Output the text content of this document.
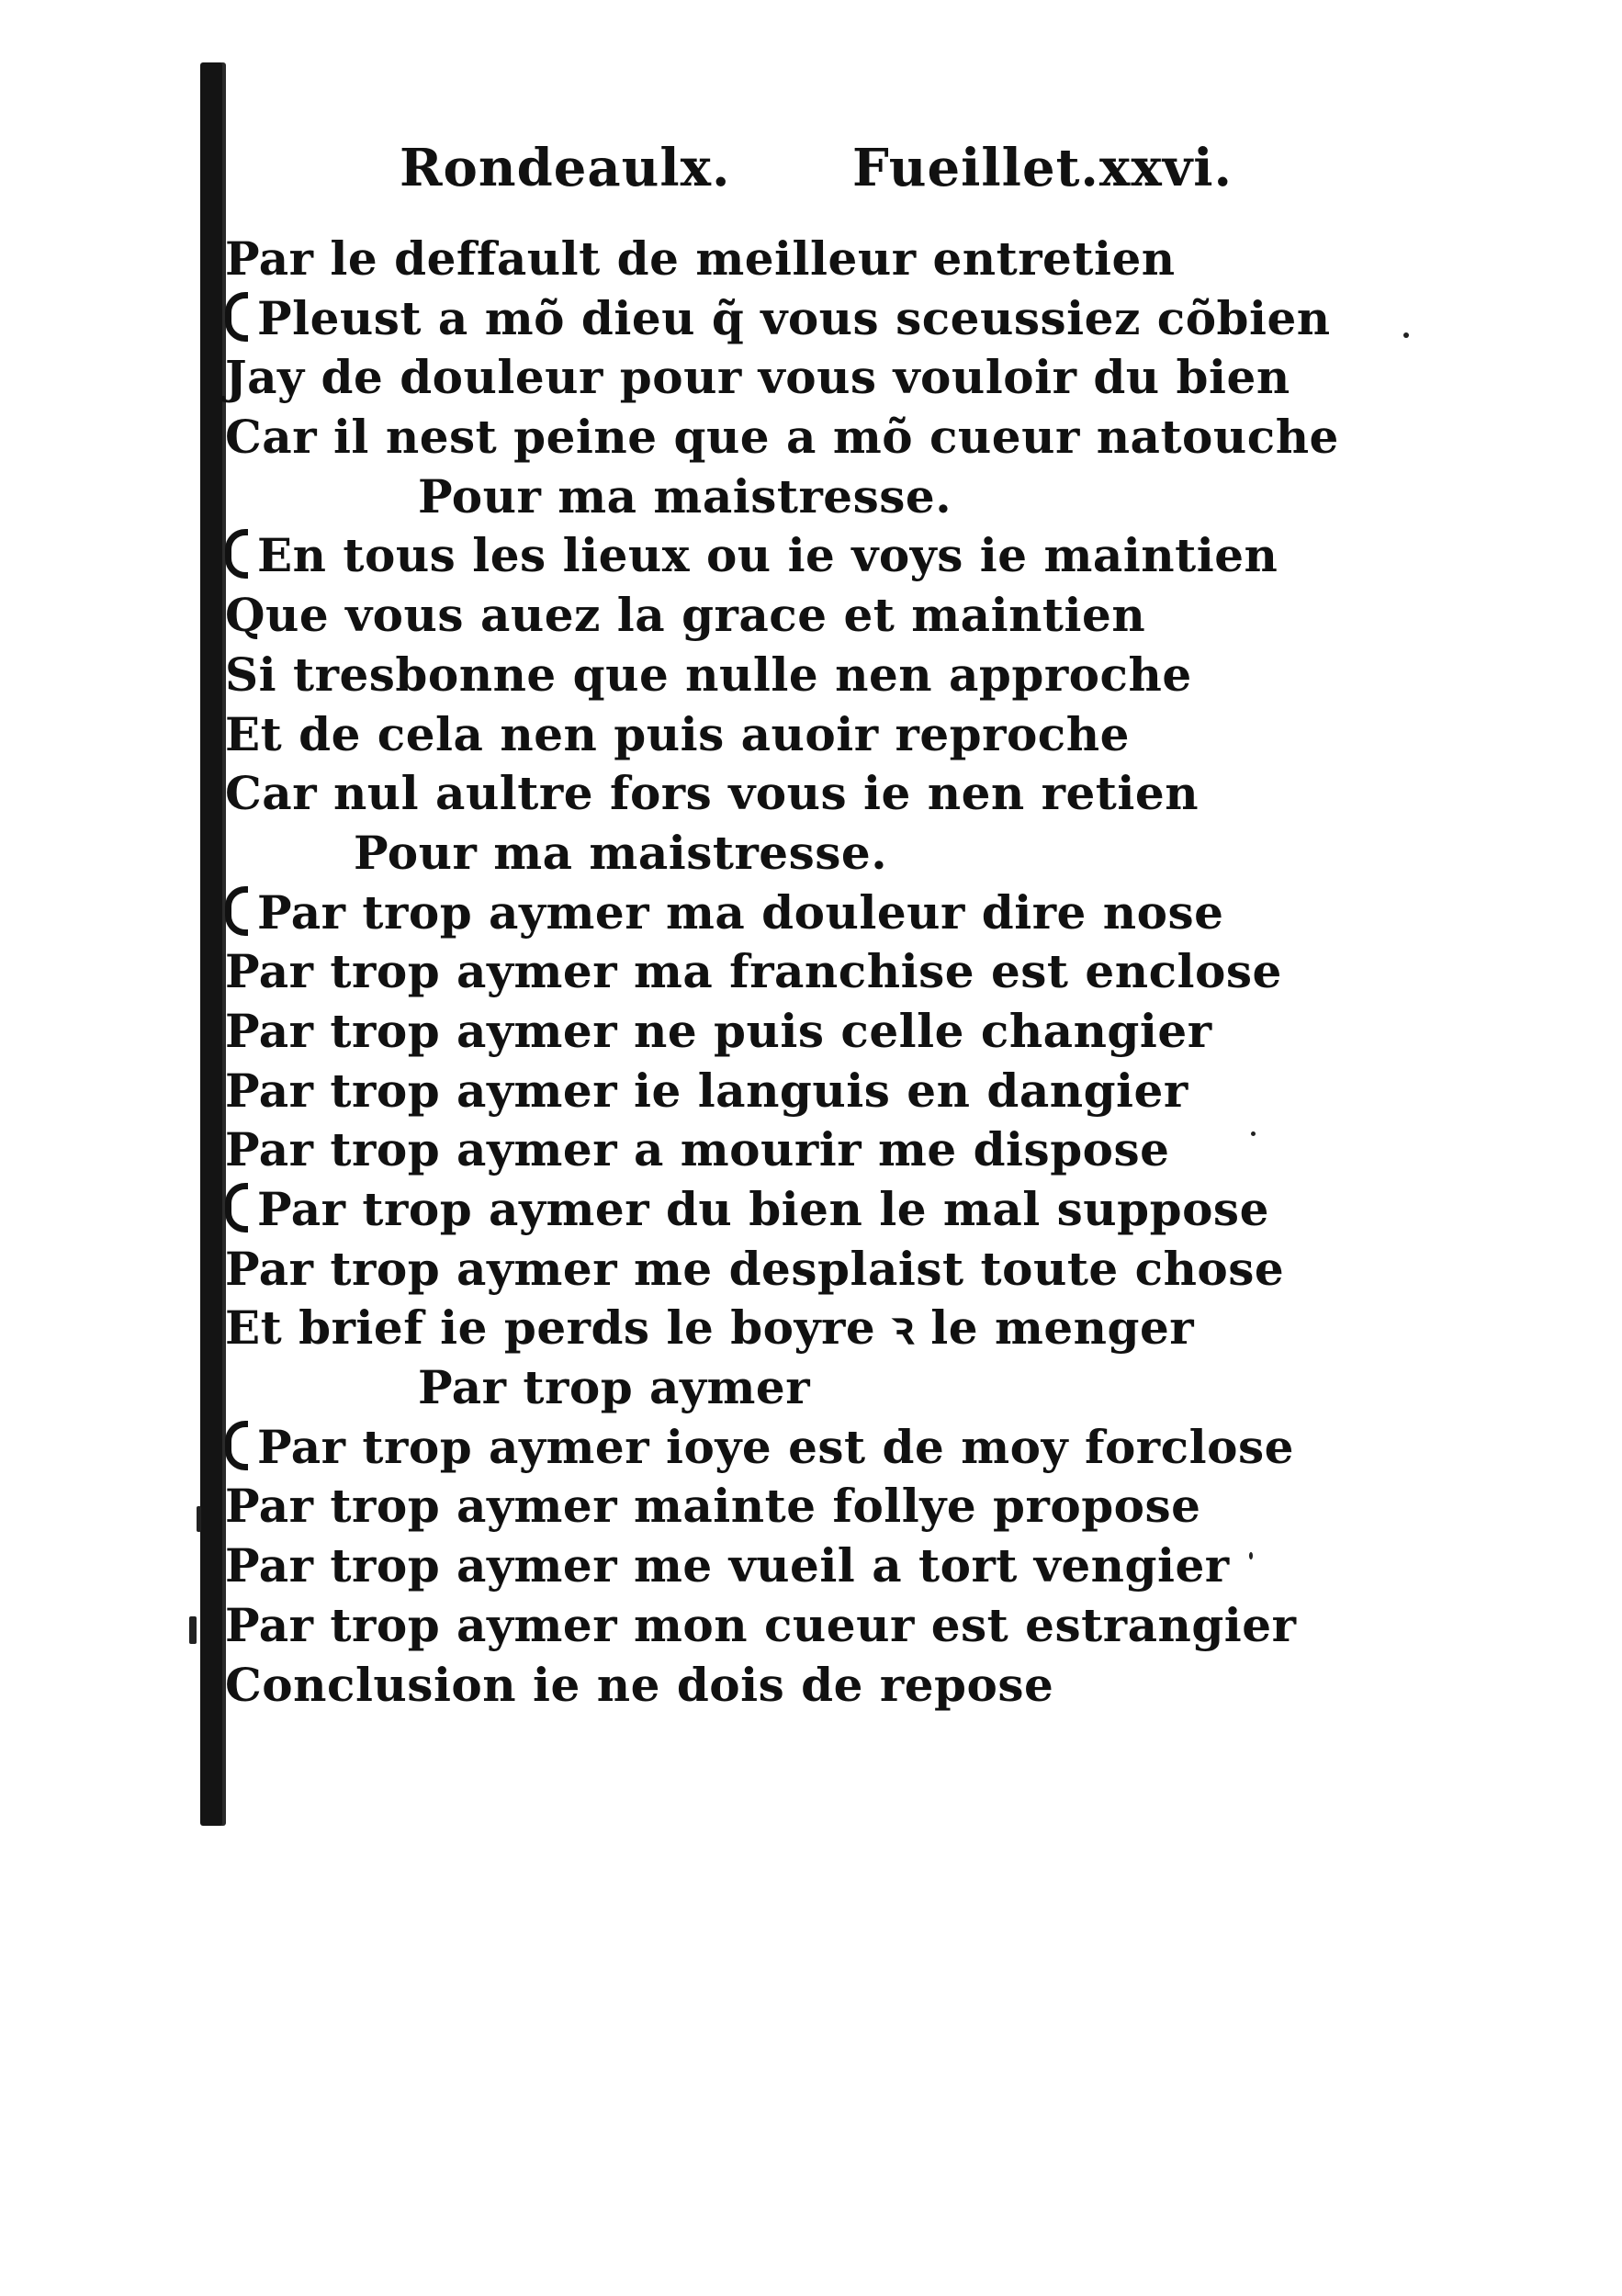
Rondeaulx. Fueillet.xxvi.
Par le deffault de meilleur entretien
Pleust a mõ dieu q̃ vous sceussiez cõbien
Jay de douleur pour vous vouloir du bien
Car il nest peine que a mõ cueur natouche
Pour ma maistresse.
En tous les lieux ou ie voys ie maintien
Que vous auez la grace et maintien
Si tresbonne que nulle nen approche
Et de cela nen puis auoir reproche
Car nul aultre fors vous ie nen retien
Pour ma maistresse.
Par trop aymer ma douleur dire nose
Par trop aymer ma franchise est enclose
Par trop aymer ne puis celle changier
Par trop aymer ie languis en dangier
Par trop aymer a mourir me dispose
Par trop aymer du bien le mal suppose
Par trop aymer me desplaist toute chose
Et brief ie perds le boyre ꝛ le menger
Par trop aymer
Par trop aymer ioye est de moy forclose
Par trop aymer mainte follye propose
Par trop aymer me vueil a tort vengier
Par trop aymer mon cueur est estrangier
Conclusion ie ne dois de repose
